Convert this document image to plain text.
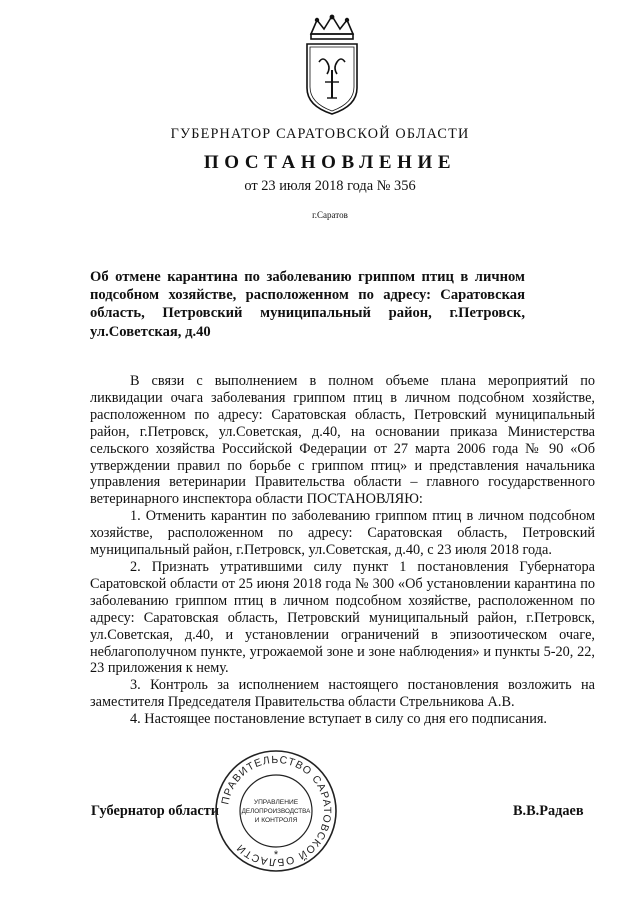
ГУБЕРНАТОР САРАТОВСКОЙ ОБЛАСТИ
ПОСТАНОВЛЕНИЕ
от 23 июля 2018 года № 356
г.Саратов
Об отмене карантина по заболеванию гриппом птиц в личном подсобном хозяйстве, расположенном по адресу: Саратовская область, Петровский муниципальный район, г.Петровск, ул.Советская, д.40

В связи с выполнением в полном объеме плана мероприятий по ликвидации очага заболевания гриппом птиц в личном подсобном хозяйстве, расположенном по адресу: Саратовская область, Петровский муниципальный район, г.Петровск, ул.Советская, д.40, на основании приказа Министерства сельского хозяйства Российской Федерации от 27 марта 2006 года № 90 «Об утверждении правил по борьбе с гриппом птиц» и представления начальника управления ветеринарии Правительства области – главного государственного ветеринарного инспектора области ПОСТАНОВЛЯЮ:

1. Отменить карантин по заболеванию гриппом птиц в личном подсобном хозяйстве, расположенном по адресу: Саратовская область, Петровский муниципальный район, г.Петровск, ул.Советская, д.40, с 23 июля 2018 года.

2. Признать утратившими силу пункт 1 постановления Губернатора Саратовской области от 25 июня 2018 года № 300 «Об установлении карантина по заболеванию гриппом птиц в личном подсобном хозяйстве, расположенном по адресу: Саратовская область, Петровский муниципальный район, г.Петровск, ул.Советская, д.40, и установлении ограничений в эпизоотическом очаге, неблагополучном пункте, угрожаемой зоне и зоне наблюдения» и пункты 5-20, 22, 23 приложения к нему.

3. Контроль за исполнением настоящего постановления возложить на заместителя Председателя Правительства области Стрельникова А.В.

4. Настоящее постановление вступает в силу со дня его подписания.

Губернатор области
ПРАВИТЕЛЬСТВО САРАТОВСКОЙ ОБЛАСТИ
УПРАВЛЕНИЕ
ДЕЛОПРОИЗВОДСТВА
И КОНТРОЛЯ
*
В.В.Радаев
